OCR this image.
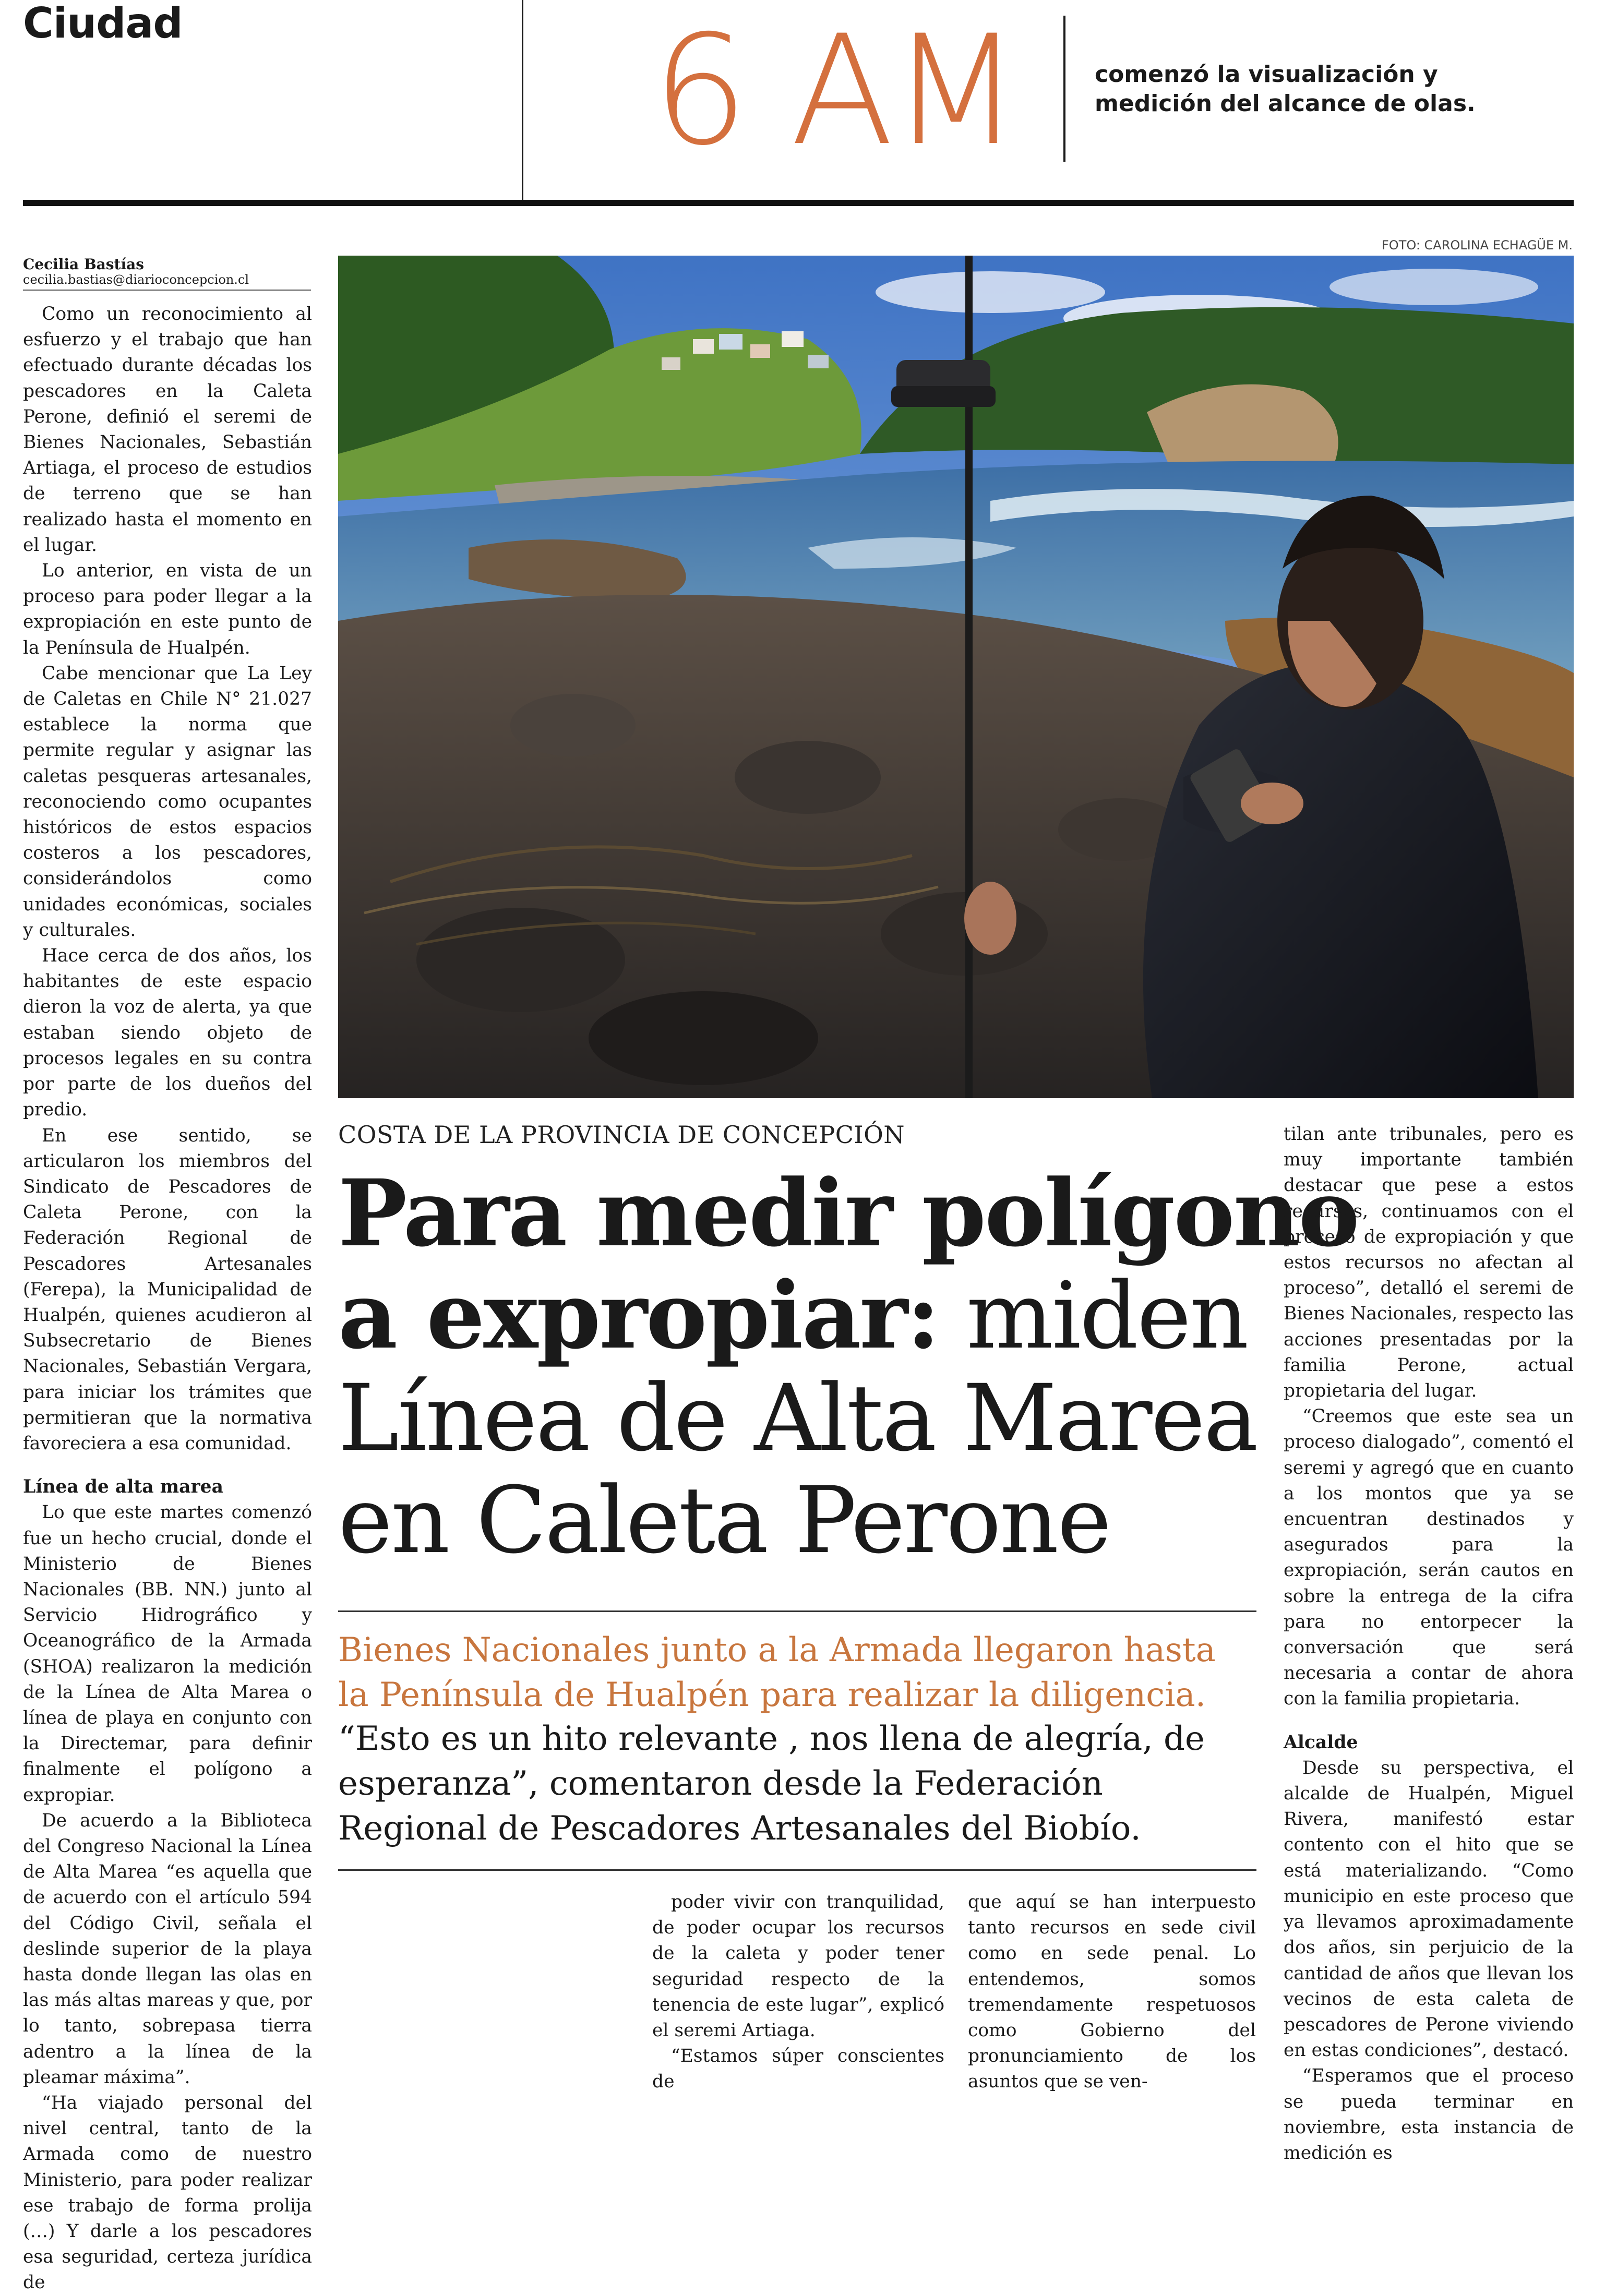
Ciudad	6 AM	comenzó la visualización y medición del alcance de olas.
Cecilia Bastías
cecilia.bastias@diarioconcepcion.cl

Como un reconocimiento al esfuerzo y el trabajo que han efectuado durante décadas los pescadores en la Caleta Perone, definió el seremi de Bienes Nacionales, Sebastián Artiaga, el proceso de estudios de terreno que se han realizado hasta el momento en el lugar.

Lo anterior, en vista de un proceso para poder llegar a la expropiación en este punto de la Península de Hualpén.

Cabe mencionar que La Ley de Caletas en Chile N° 21.027 establece la norma que permite regular y asignar las caletas pesqueras artesanales, reconociendo como ocupantes históricos de estos espacios costeros a los pescadores, considerándolos como unidades económicas, sociales y culturales.

Hace cerca de dos años, los habitantes de este espacio dieron la voz de alerta, ya que estaban siendo objeto de procesos legales en su contra por parte de los dueños del predio.

En ese sentido, se articularon los miembros del Sindicato de Pescadores de Caleta Perone, con la Federación Regional de Pescadores Artesanales (Ferepa), la Municipalidad de Hualpén, quienes acudieron al Subsecretario de Bienes Nacionales, Sebastián Vergara, para iniciar los trámites que permitieran que la normativa favoreciera a esa comunidad.

Línea de alta marea

Lo que este martes comenzó fue un hecho crucial, donde el Ministerio de Bienes Nacionales (BB. NN.) junto al Servicio Hidrográfico y Oceanográfico de la Armada (SHOA) realizaron la medición de la Línea de Alta Marea o línea de playa en conjunto con la Directemar, para definir finalmente el polígono a expropiar.

De acuerdo a la Biblioteca del Congreso Nacional la Línea de Alta Marea “es aquella que de acuerdo con el artículo 594 del Código Civil, señala el deslinde superior de la playa hasta donde llegan las olas en las más altas mareas y que, por lo tanto, sobrepasa tierra adentro a la línea de la pleamar máxima”.

“Ha viajado personal del nivel central, tanto de la Armada como de nuestro Ministerio, para poder realizar ese trabajo de forma prolija (…) Y darle a los pescadores esa seguridad, certeza jurídica de

FOTO: CAROLINA ECHAGÜE M.
COSTA DE LA PROVINCIA DE CONCEPCIÓN
Para medir polígono
a expropiar: miden
Línea de Alta Marea
en Caleta Perone
Bienes Nacionales junto a la Armada llegaron hasta la Península de Hualpén para realizar la diligencia.
“Esto es un hito relevante , nos llena de alegría, de esperanza”, comentaron desde la Federación Regional de Pescadores Artesanales del Biobío.

poder vivir con tranquilidad, de poder ocupar los recursos de la caleta y poder tener seguridad respecto de la tenencia de este lugar”, explicó el seremi Artiaga.

“Estamos súper conscientes de

que aquí se han interpuesto tanto recursos en sede civil como en sede penal. Lo entendemos, somos tremendamente respetuosos como Gobierno del pronunciamiento de los asuntos que se ven-

tilan ante tribunales, pero es muy importante también destacar que pese a estos recursos, continuamos con el proceso de expropiación y que estos recursos no afectan al proceso”, detalló el seremi de Bienes Nacionales, respecto las acciones presentadas por la familia Perone, actual propietaria del lugar.

“Creemos que este sea un proceso dialogado”, comentó el seremi y agregó que en cuanto a los montos que ya se encuentran destinados y asegurados para la expropiación, serán cautos en sobre la entrega de la cifra para no entorpecer la conversación que será necesaria a contar de ahora con la familia propietaria.

Alcalde

Desde su perspectiva, el alcalde de Hualpén, Miguel Rivera, manifestó estar contento con el hito que se está materializando. “Como municipio en este proceso que ya llevamos aproximadamente dos años, sin perjuicio de la cantidad de años que llevan los vecinos de esta caleta de pescadores de Perone viviendo en estas condiciones”, destacó.

“Esperamos que el proceso se pueda terminar en noviembre, esta instancia de medición es
